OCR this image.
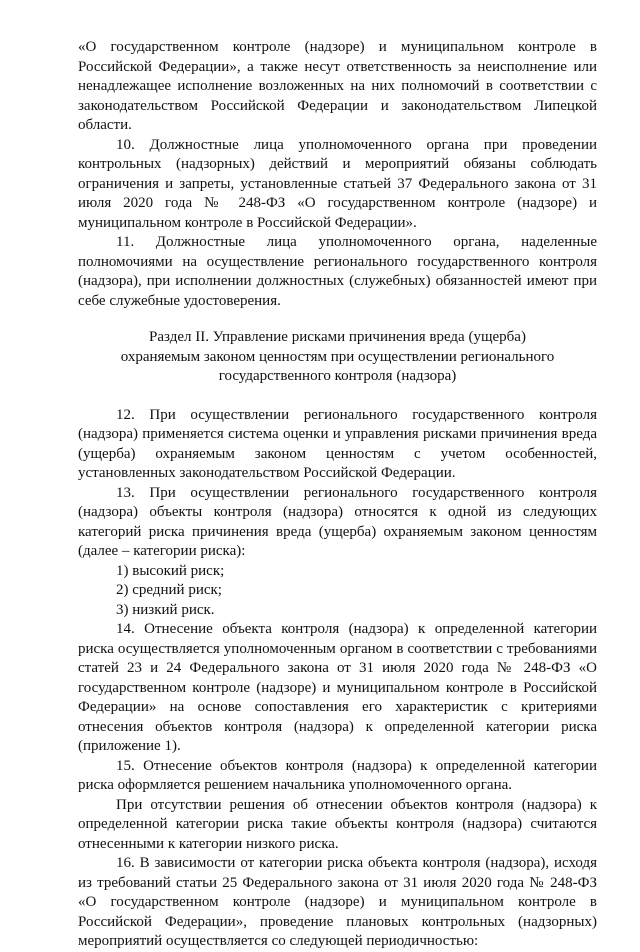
«О государственном контроле (надзоре) и муниципальном контроле в Российской Федерации», а также несут ответственность за неисполнение или ненадлежащее исполнение возложенных на них полномочий в соответствии с законодательством Российской Федерации и законодательством Липецкой области.

10. Должностные лица уполномоченного органа при проведении контрольных (надзорных) действий и мероприятий обязаны соблюдать ограничения и запреты, установленные статьей 37 Федерального закона от 31 июля 2020 года № 248-ФЗ «О государственном контроле (надзоре) и муниципальном контроле в Российской Федерации».

11. Должностные лица уполномоченного органа, наделенные полномочиями на осуществление регионального государственного контроля (надзора), при исполнении должностных (служебных) обязанностей имеют при себе служебные удостоверения.

Раздел II. Управление рисками причинения вреда (ущерба)
охраняемым законом ценностям при осуществлении регионального
государственного контроля (надзора)

12. При осуществлении регионального государственного контроля (надзора) применяется система оценки и управления рисками причинения вреда (ущерба) охраняемым законом ценностям с учетом особенностей, установленных законодательством Российской Федерации.

13. При осуществлении регионального государственного контроля (надзора) объекты контроля (надзора) относятся к одной из следующих категорий риска причинения вреда (ущерба) охраняемым законом ценностям (далее – категории риска):

1) высокий риск;

2) средний риск;

3) низкий риск.

14. Отнесение объекта контроля (надзора) к определенной категории риска осуществляется уполномоченным органом в соответствии с требованиями статей 23 и 24 Федерального закона от 31 июля 2020 года № 248-ФЗ «О государственном контроле (надзоре) и муниципальном контроле в Российской Федерации» на основе сопоставления его характеристик с критериями отнесения объектов контроля (надзора) к определенной категории риска (приложение 1).

15. Отнесение объектов контроля (надзора) к определенной категории риска оформляется решением начальника уполномоченного органа.

При отсутствии решения об отнесении объектов контроля (надзора) к определенной категории риска такие объекты контроля (надзора) считаются отнесенными к категории низкого риска.

16. В зависимости от категории риска объекта контроля (надзора), исходя из требований статьи 25 Федерального закона от 31 июля 2020 года № 248-ФЗ «О государственном контроле (надзоре) и муниципальном контроле в Российской Федерации», проведение плановых контрольных (надзорных) мероприятий осуществляется со следующей периодичностью:
